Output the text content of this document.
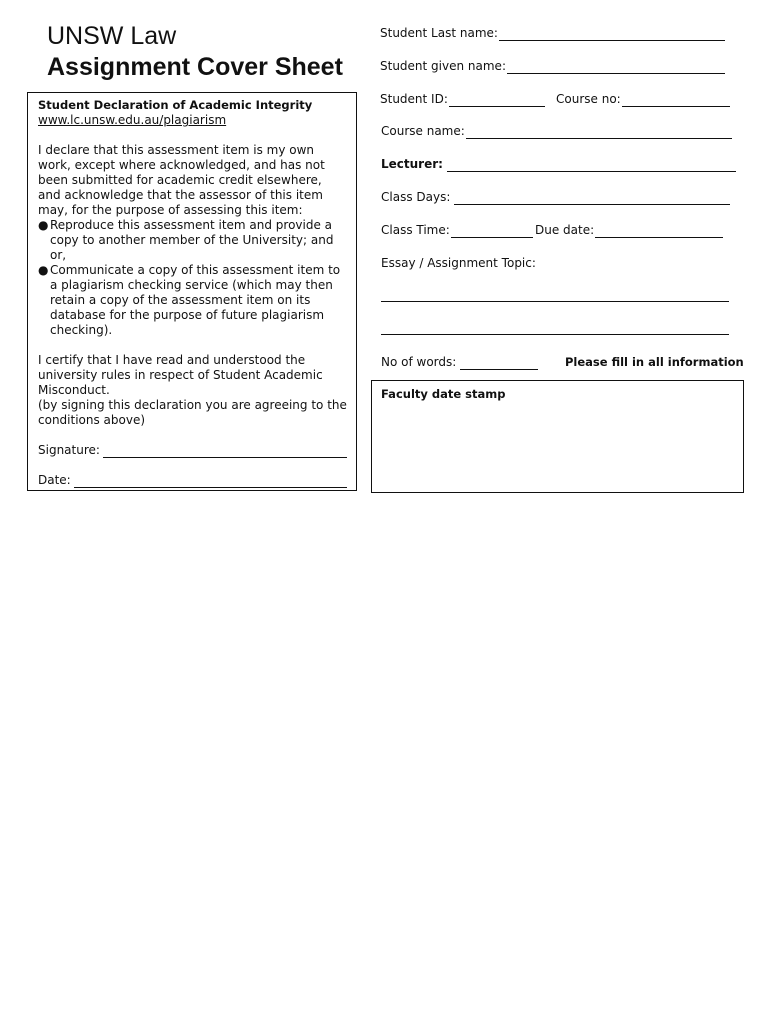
UNSW Law
Assignment Cover Sheet
Student Declaration of Academic Integrity
www.lc.unsw.edu.au/plagiarism
I declare that this assessment item is my own work, except where acknowledged, and has not been submitted for academic credit elsewhere, and acknowledge that the assessor of this item may, for the purpose of assessing this item:
● Reproduce this assessment item and provide a copy to another member of the University; and or,
● Communicate a copy of this assessment item to a plagiarism checking service (which may then retain a copy of the assessment item on its database for the purpose of future plagiarism checking).
I certify that I have read and understood the university rules in respect of Student Academic Misconduct.
(by signing this declaration you are agreeing to the conditions above)
Signature:
Date:
Student Last name:
Student given name:
Student ID:	Course no:
Course name:
Lecturer:
Class Days:
Class Time:	Due date:
Essay / Assignment Topic:
No of words:	Please fill in all information
Faculty date stamp
